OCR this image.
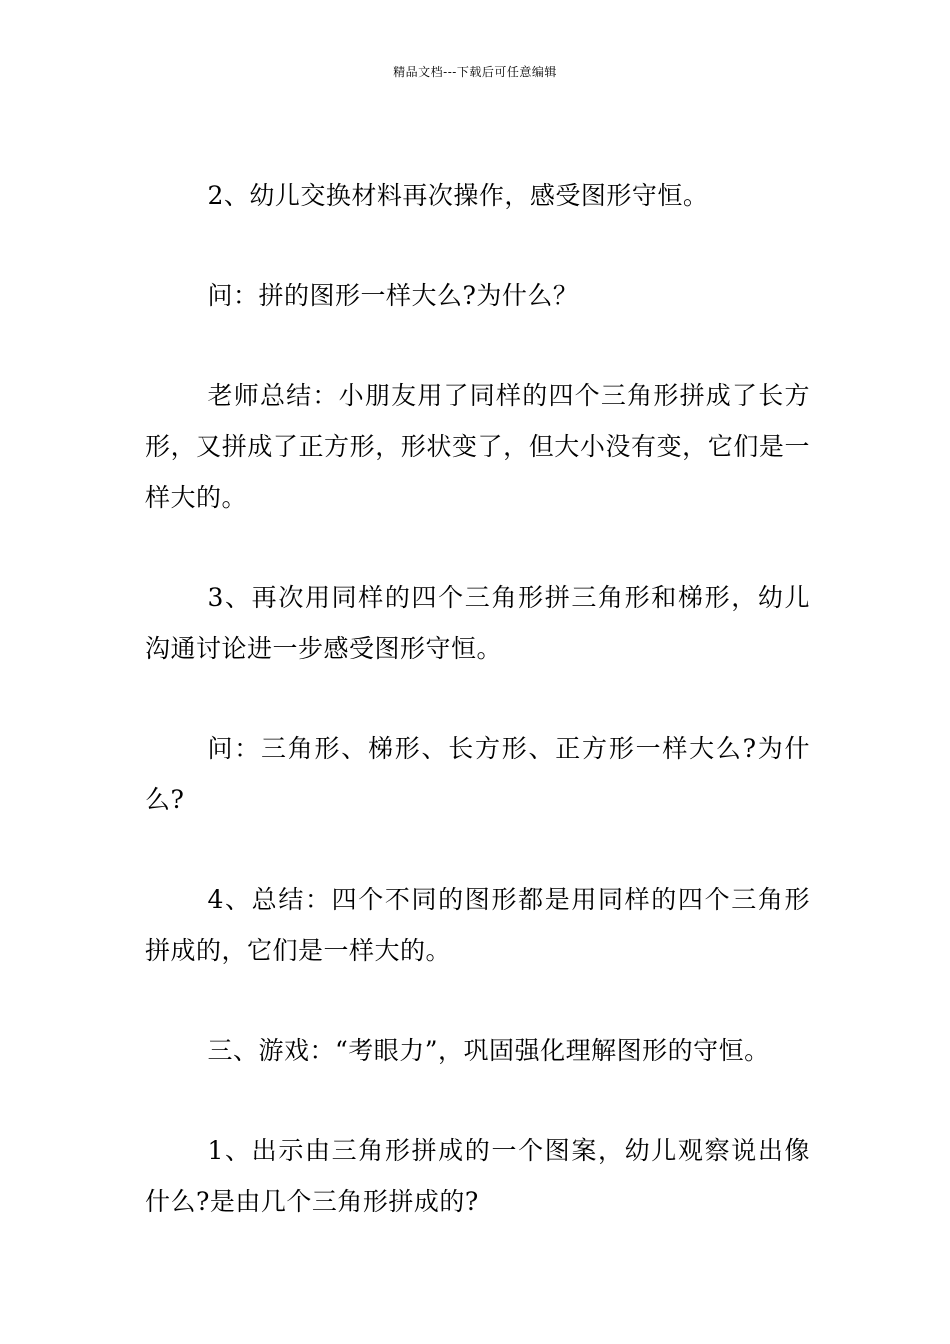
精品文档---下载后可任意编辑

2、幼儿交换材料再次操作，感受图形守恒。

问：拼的图形一样大么?为什么？

老师总结：小朋友用了同样的四个三角形拼成了长方形，又拼成了正方形，形状变了，但大小没有变，它们是一样大的。

3、再次用同样的四个三角形拼三角形和梯形，幼儿沟通讨论进一步感受图形守恒。

问：三角形、梯形、长方形、正方形一样大么?为什么?

4、总结：四个不同的图形都是用同样的四个三角形拼成的，它们是一样大的。

三、游戏：“考眼力”，巩固强化理解图形的守恒。

1、出示由三角形拼成的一个图案，幼儿观察说出像什么?是由几个三角形拼成的?
